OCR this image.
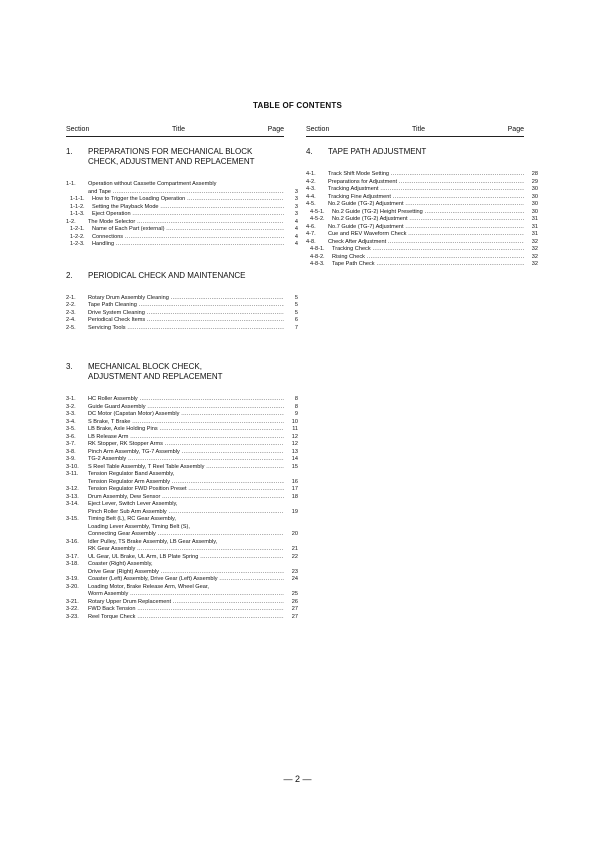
TABLE OF CONTENTS
Section	Title	Page	Section	Title	Page
1. PREPARATIONS FOR MECHANICAL BLOCK CHECK, ADJUSTMENT AND REPLACEMENT
1-1. Operation without Cassette Compartment Assembly
and Tape .....	3
1-1-1. How to Trigger the Loading Operation .....	3
1-1-2. Setting the Playback Mode .....	3
1-1-3. Eject Operation .....	3
1-2. The Mode Selector .....	4
1-2-1. Name of Each Part (external) .....	4
1-2-2. Connections .....	4
1-2-3. Handling .....	4
2. PERIODICAL CHECK AND MAINTENANCE
2-1. Rotary Drum Assembly Cleaning .....	5
2-2. Tape Path Cleaning .....	5
2-3. Drive System Cleaning .....	5
2-4. Periodical Check Items .....	6
2-5. Servicing Tools .....	7
3. MECHANICAL BLOCK CHECK, ADJUSTMENT AND REPLACEMENT
3-1. HC Roller Assembly .....	8
3-2. Guide Guard Assembly .....	8
3-3. DC Motor (Capstan Motor) Assembly .....	9
3-4. S Brake, T Brake .....	10
3-5. LB Brake, Axle Holding Pins .....	11
3-6. LB Release Arm .....	12
3-7. RK Stopper, RK Stopper Arms .....	12
3-8. Pinch Arm Assembly, TG-7 Assembly .....	13
3-9. TG-2 Assembly .....	14
3-10. S Reel Table Assembly, T Reel Table Assembly .....	15
3-11. Tension Regulator Band Assembly,
Tension Regulator Arm Assembly .....	16
3-12. Tension Regulator FWD Position Preset .....	17
3-13. Drum Assembly, Dew Sensor .....	18
3-14. Eject Lever, Switch Lever Assembly,
Pinch Roller Sub Arm Assembly .....	19
3-15. Timing Belt (L), RC Gear Assembly,
Loading Lever Assembly, Timing Belt (S),
Connecting Gear Assembly .....	20
3-16. Idler Pulley, TS Brake Assembly, LB Gear Assembly,
RK Gear Assembly .....	21
3-17. UL Gear, UL Brake, UL Arm, LB Plate Spring .....	22
3-18. Coaster (Right) Assembly,
Drive Gear (Right) Assembly .....	23
3-19. Coaster (Left) Assembly, Drive Gear (Left) Assembly .....	24
3-20. Loading Motor, Brake Release Arm, Wheel Gear,
Worm Assembly .....	25
3-21. Rotary Upper Drum Replacement .....	26
3-22. FWD Back Tension .....	27
3-23. Reel Torque Check .....	27
4. TAPE PATH ADJUSTMENT
4-1. Track Shift Mode Setting .....	28
4-2. Preparations for Adjustment .....	29
4-3. Tracking Adjustment .....	30
4-4. Tracking Fine Adjustment .....	30
4-5. No.2 Guide (TG-2) Adjustment .....	30
4-5-1. No.2 Guide (TG-2) Height Presetting .....	30
4-5-2. No.2 Guide (TG-2) Adjustment .....	31
4-6. No.7 Guide (TG-7) Adjustment .....	31
4-7. Cue and REV Waveform Check .....	31
4-8. Check After Adjustment .....	32
4-8-1. Tracking Check .....	32
4-8-2. Rising Check .....	32
4-8-3. Tape Path Check .....	32
— 2 —
